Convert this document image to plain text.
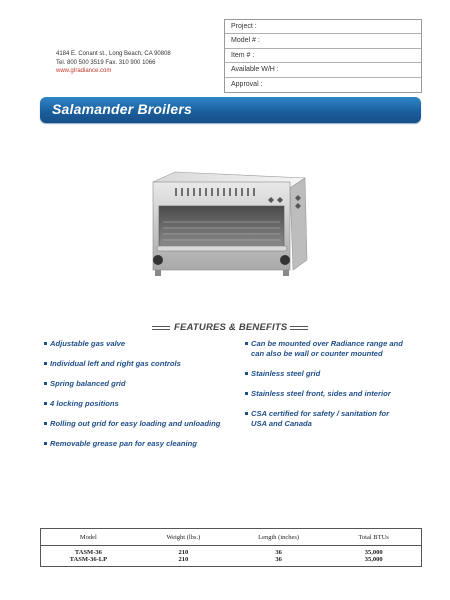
4184 E. Conant st., Long Beach, CA 90808
Tel. 800 500 3519 Fax. 310 900 1066
www.gIradiance.com
Project :
Model # :
Item # :
Available W/H :
Approval :
Salamander Broilers
FEATURES & BENEFITS
Adjustable gas valve
Individual left and right gas controls
Spring balanced grid
4 locking positions
Rolling out grid for easy loading and unloading
Removable grease pan for easy cleaning
Can be mounted over Radiance range and
can also be wall or counter mounted
Stainless steel grid
Stainless steel front, sides and interior
CSA certified for safety / sanitation for
USA and Canada
Model	Weight (lbs.)	Length (inches)	Total BTUs
TASM-36	210	36	35,000
TASM-36-LP	210	36	35,000
